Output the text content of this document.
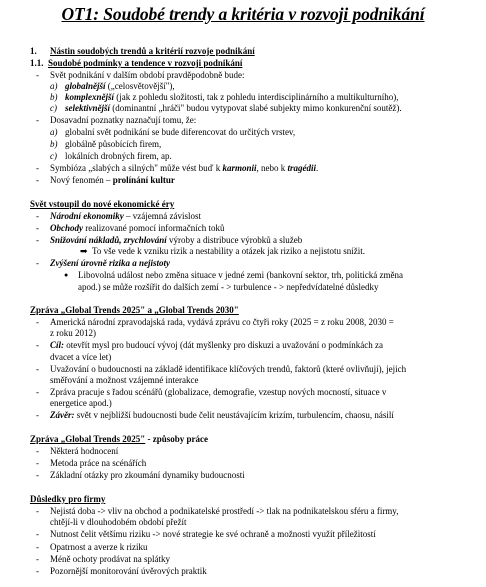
OT1: Soudobé trendy a kritéria v rozvoji podnikání
1. Nástin soudobých trendů a kritérií rozvoje podnikání
1.1. Soudobé podmínky a tendence v rozvoji podnikání
- Svět podnikání v dalším období pravděpodobně bude:
a) globalnější („celosvětovější"),
b) komplexnější (jak z pohledu složitosti, tak z pohledu interdisciplinárního a multikulturního),
c) selektivnější (dominantní „hráči" budou vytypovat slabé subjekty mimo konkurenční soutěž).
- Dosavadní poznatky naznačují tomu, že:
a) globalní svět podnikání se bude diferencovat do určitých vrstev,
b) globálně působících firem,
c) lokálních drobných firem, ap.
- Symbióza „slabých a silných" může vést buď k karmonii, nebo k tragédii.
- Nový fenomén – prolínání kultur
Svět vstoupil do nové ekonomické éry
- Národní ekonomiky – vzájemná závislost
- Obchody realizované pomocí informačních toků
- Snižování nákladů, zrychlování výroby a distribuce výrobků a služeb
➡ To vše vede k vzniku rizik a nestability a otázek jak riziko a nejistotu snížit.
- Zvýšení úrovně rizika a nejistoty
● Libovolná událost nebo změna situace v jedné zemi (bankovní sektor, trh, politická změna
apod.) se může rozšířit do dalších zemí - > turbulence - > nepředvídatelné důsledky
Zpráva „Global Trends 2025" a „Global Trends 2030"
- Americká národní zpravodajská rada, vydává zprávu co čtyři roky (2025 = z roku 2008, 2030 =
z roku 2012)
- Cíl: otevřít mysl pro budoucí vývoj (dát myšlenky pro diskuzi a uvažování o podmínkách za
dvacet a více let)
- Uvažování o budoucnosti na základě identifikace klíčových trendů, faktorů (které ovlivňují), jejich
směřování a možnost vzájemné interakce
- Zpráva pracuje s řadou scénářů (globalizace, demografie, vzestup nových mocností, situace v
energetice apod.)
- Závěr: svět v nejbližší budoucnosti bude čelit neustávajícím krizím, turbulencím, chaosu, násilí
Zpráva „Global Trends 2025" - způsoby práce
- Některá hodnocení
- Metoda práce na scénářích
- Základní otázky pro zkoumání dynamiky budoucnosti
Důsledky pro firmy
- Nejistá doba -> vliv na obchod a podnikatelské prostředí -> tlak na podnikatelskou sféru a firmy,
chtějí-li v dlouhodobém období přežít
- Nutnost čelit většímu riziku -> nové strategie ke své ochraně a možnosti využít příležitostí
- Opatrnost a averze k riziku
- Méně ochoty prodávat na splátky
- Pozornější monitorování úvěrových praktik
